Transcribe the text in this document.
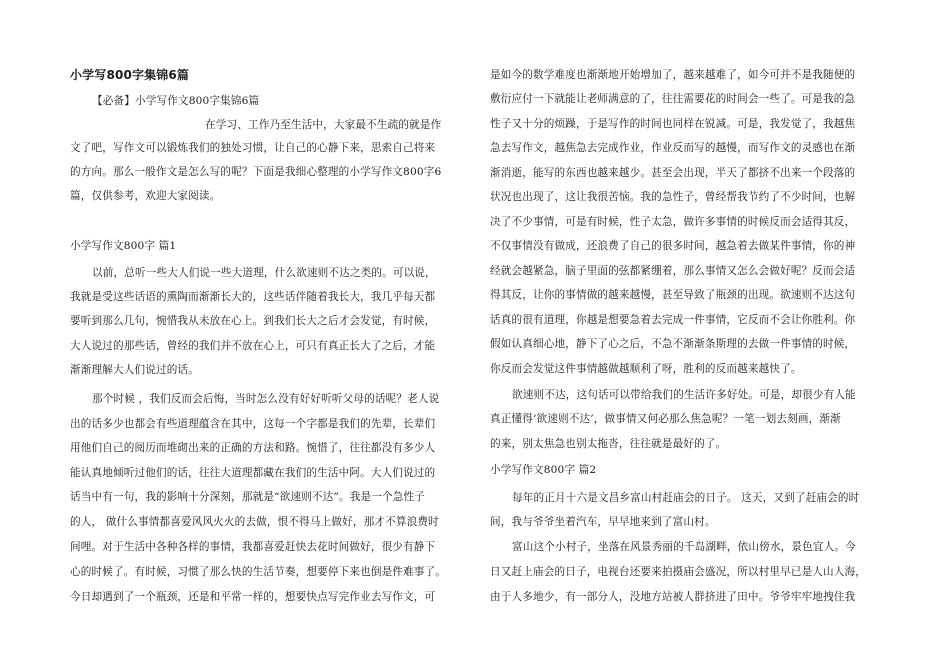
小学写800字集锦6篇
【必备】小学写作文800字集锦6篇
在学习、工作乃至生活中，大家最不生疏的就是作
文了吧，写作文可以锻炼我们的独处习惯，让自己的心静下来，思索自己将来
的方向。那么一般作文是怎么写的呢？下面是我细心整理的小学写作文800字6
篇，仅供参考，欢迎大家阅读。
小学写作文800字 篇1
以前，总听一些大人们说一些大道理，什么欲速则不达之类的。可以说，
我就是受这些话语的熏陶而渐渐长大的，这些话伴随着我长大，我几乎每天都
要听到那么几句，惋惜我从未放在心上。到我们长大之后才会发觉，有时候，
大人说过的那些话，曾经的我们并不放在心上，可只有真正长大了之后，才能
渐渐理解大人们说过的话。
那个时候 ，我们反而会后悔，当时怎么没有好好听听父母的话呢？老人说
出的话多少也都会有些道理蕴含在其中，这每一个字都是我们的先辈，长辈们
用他们自己的阅历而堆砌出来的正确的方法和路。惋惜了，往往都没有多少人
能认真地倾听过他们的话，往往大道理都藏在我们的生活中阿。大人们说过的
话当中有一句，我的影响十分深刻，那就是“欲速则不达”。我是一个急性子
的人， 做什么事情都喜爱风风火火的去做，恨不得马上做好，那才不算浪费时
间哩。对于生活中各种各样的事情，我都喜爱赶快去花时间做好，很少有静下
心的时候了。有时候，习惯了那么快的生活节奏，想要停下来也倒是件难事了。
今日却遇到了一个瓶颈，还是和平常一样的，想要快点写完作业去写作文，可
是如今的数学难度也渐渐地开始增加了，越来越难了，如今可并不是我随便的
敷衍应付一下就能让老师满意的了，往往需要花的时间会一些了。可是我的急
性子又十分的烦躁，于是写作的时间也同样在锐减。可是，我发觉了，我越焦
急去写作文，越焦急去完成作业，作业反而写的越慢，而写作文的灵感也在渐
渐消逝，能写的东西也越来越少。甚至会出现，半天了都挤不出来一个段落的
状况也出现了，这让我很苦恼。我的急性子，曾经帮我节约了不少时间，也解
决了不少事情，可是有时候，性子太急，做许多事情的时候反而会适得其反，
不仅事情没有做成，还浪费了自己的很多时间，越急着去做某件事情，你的神
经就会越紧急，脑子里面的弦都紧绷着，那么事情又怎么会做好呢？反而会适
得其反，让你的事情做的越来越慢，甚至导致了瓶颈的出现。欲速则不达这句
话真的很有道理，你越是想要急着去完成一件事情，它反而不会让你胜利。你
假如认真细心地，静下了心之后，不急不渐渐条斯理的去做一件事情的时候，
你反而会发觉这件事情越做越顺利了呀，胜利的反而越来越快了。
欲速则不达，这句话可以带给我们的生活许多好处。可是，却很少有人能
真正懂得‘欲速则不达’，做事情又何必那么焦急呢？一笔一划去刻画，渐渐
的来，别太焦急也别太拖沓，往往就是最好的了。
小学写作文800字 篇2
每年的正月十六是文昌乡富山村赶庙会的日子。 这天，又到了赶庙会的时
间，我与爷爷坐着汽车，早早地来到了富山村。
富山这个小村子，坐落在风景秀丽的千岛湖畔，依山傍水，景色宜人。今
日又赶上庙会的日子，电视台还要来拍摄庙会盛况，所以村里早已是人山人海，
由于人多地少，有一部分人，没地方站被人群挤进了田中。爷爷牢牢地拽住我
